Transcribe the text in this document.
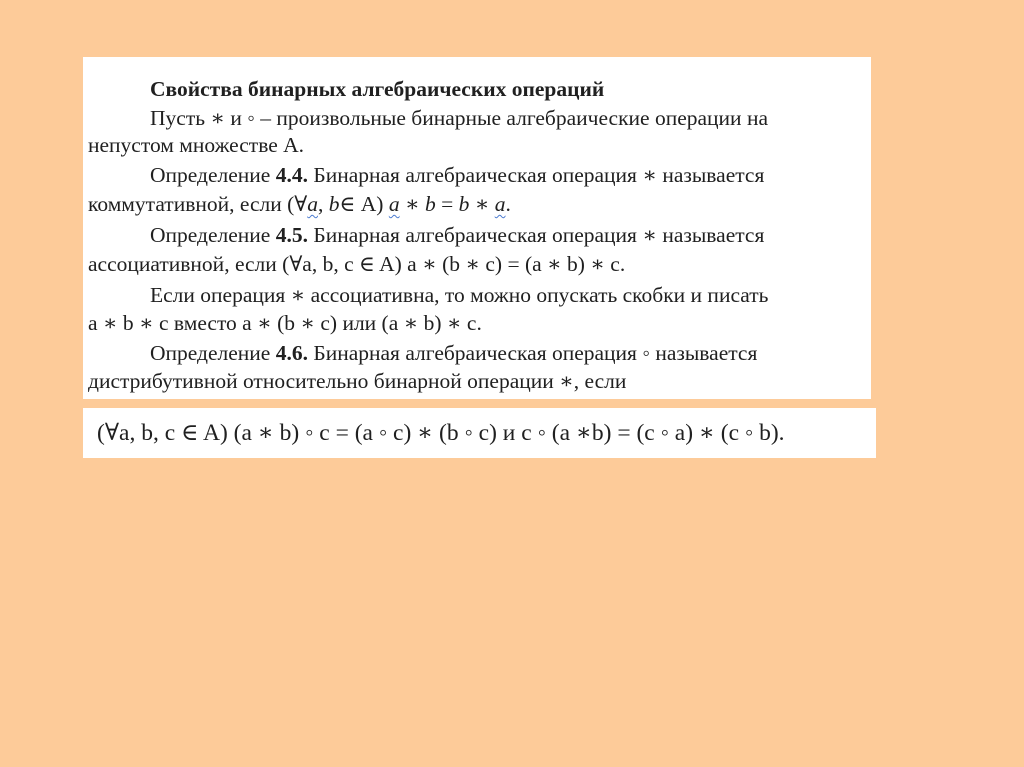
Свойства бинарных алгебраических операций
Пусть ∗ и ◦ – произвольные бинарные алгебраические операции на
непустом множестве А.
Определение 4.4. Бинарная алгебраическая операция ∗ называется
коммутативной, если (∀a, b∈ А) a ∗ b = b ∗ a.
Определение 4.5. Бинарная алгебраическая операция ∗ называется
ассоциативной, если (∀a, b, c ∈ A) a ∗ (b ∗ c) = (a ∗ b) ∗ c.
Если операция ∗ ассоциативна, то можно опускать скобки и писать
a ∗ b ∗ c вместо a ∗ (b ∗ c) или (a ∗ b) ∗ c.
Определение 4.6. Бинарная алгебраическая операция ◦ называется
дистрибутивной относительно бинарной операции ∗, если
(∀a, b, c ∈ A) (a ∗ b) ◦ c = (a ◦ c) ∗ (b ◦ c) и c ◦ (a ∗b) = (c ◦ a) ∗ (c ◦ b).
